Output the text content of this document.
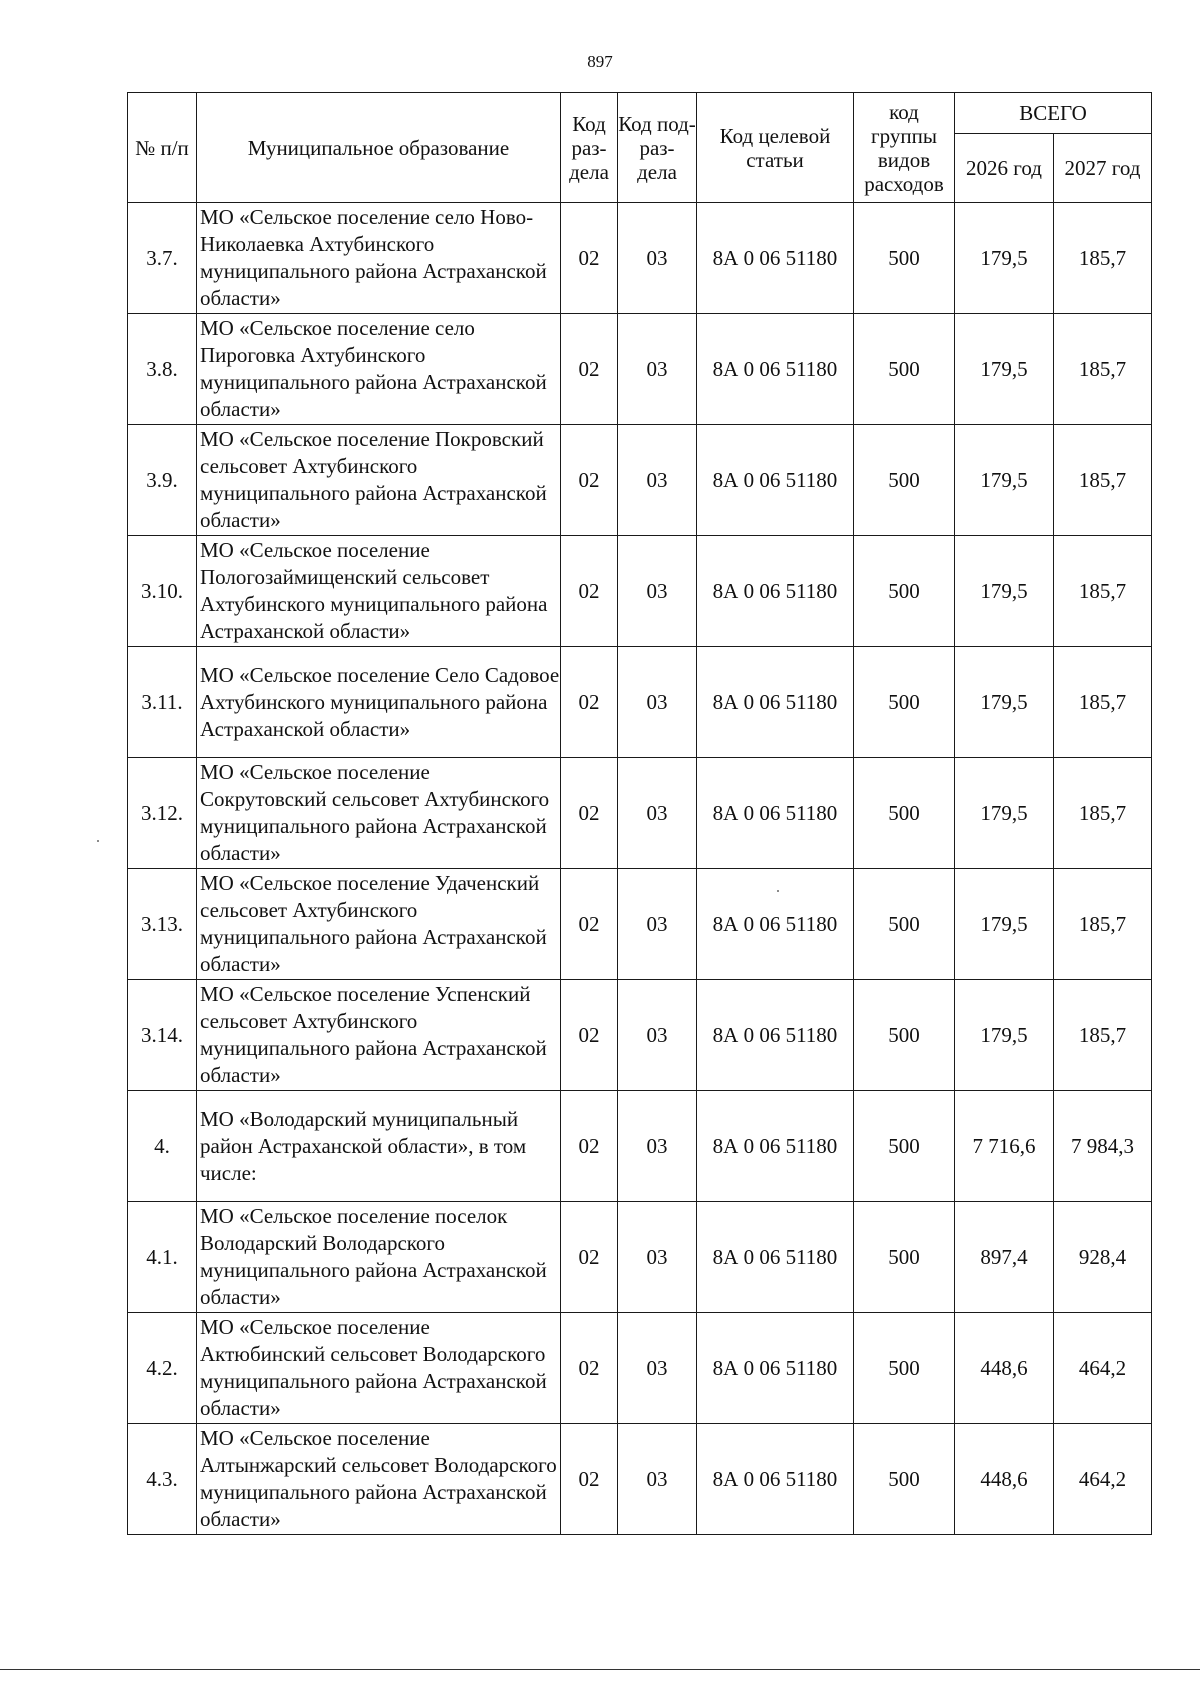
897
№ п/п	Муниципальное образование	Код раз- дела	Код под- раз- дела	Код целевой статьи	код группы видов расходов	ВСЕГО	
						2026 год	2027 год
3.7.	МО «Сельское поселение село Ново-Николаевка Ахтубинского муниципального района Астраханской области»	02	03	8А 0 06 51180	500	179,5	185,7
3.8.	МО «Сельское поселение село Пироговка Ахтубинского муниципального района Астраханской области»	02	03	8А 0 06 51180	500	179,5	185,7
3.9.	МО «Сельское поселение Покровский сельсовет Ахтубинского муниципального района Астраханской области»	02	03	8А 0 06 51180	500	179,5	185,7
3.10.	МО «Сельское поселение Пологозаймищенский сельсовет Ахтубинского муниципального района Астраханской области»	02	03	8А 0 06 51180	500	179,5	185,7
3.11.	МО «Сельское поселение Село Садовое Ахтубинского муниципального района Астраханской области»	02	03	8А 0 06 51180	500	179,5	185,7
3.12.	МО «Сельское поселение Сокрутовский сельсовет Ахтубинского муниципального района Астраханской области»	02	03	8А 0 06 51180	500	179,5	185,7
3.13.	МО «Сельское поселение Удаченский сельсовет Ахтубинского муниципального района Астраханской области»	02	03	8А 0 06 51180	500	179,5	185,7
3.14.	МО «Сельское поселение Успенский сельсовет Ахтубинского муниципального района Астраханской области»	02	03	8А 0 06 51180	500	179,5	185,7
4.	МО «Володарский муниципальный район Астраханской области», в том числе:	02	03	8А 0 06 51180	500	7 716,6	7 984,3
4.1.	МО «Сельское поселение поселок Володарский Володарского муниципального района Астраханской области»	02	03	8А 0 06 51180	500	897,4	928,4
4.2.	МО «Сельское поселение Актюбинский сельсовет Володарского муниципального района Астраханской области»	02	03	8А 0 06 51180	500	448,6	464,2
4.3.	МО «Сельское поселение Алтынжарский сельсовет Володарского муниципального района Астраханской области»	02	03	8А 0 06 51180	500	448,6	464,2
